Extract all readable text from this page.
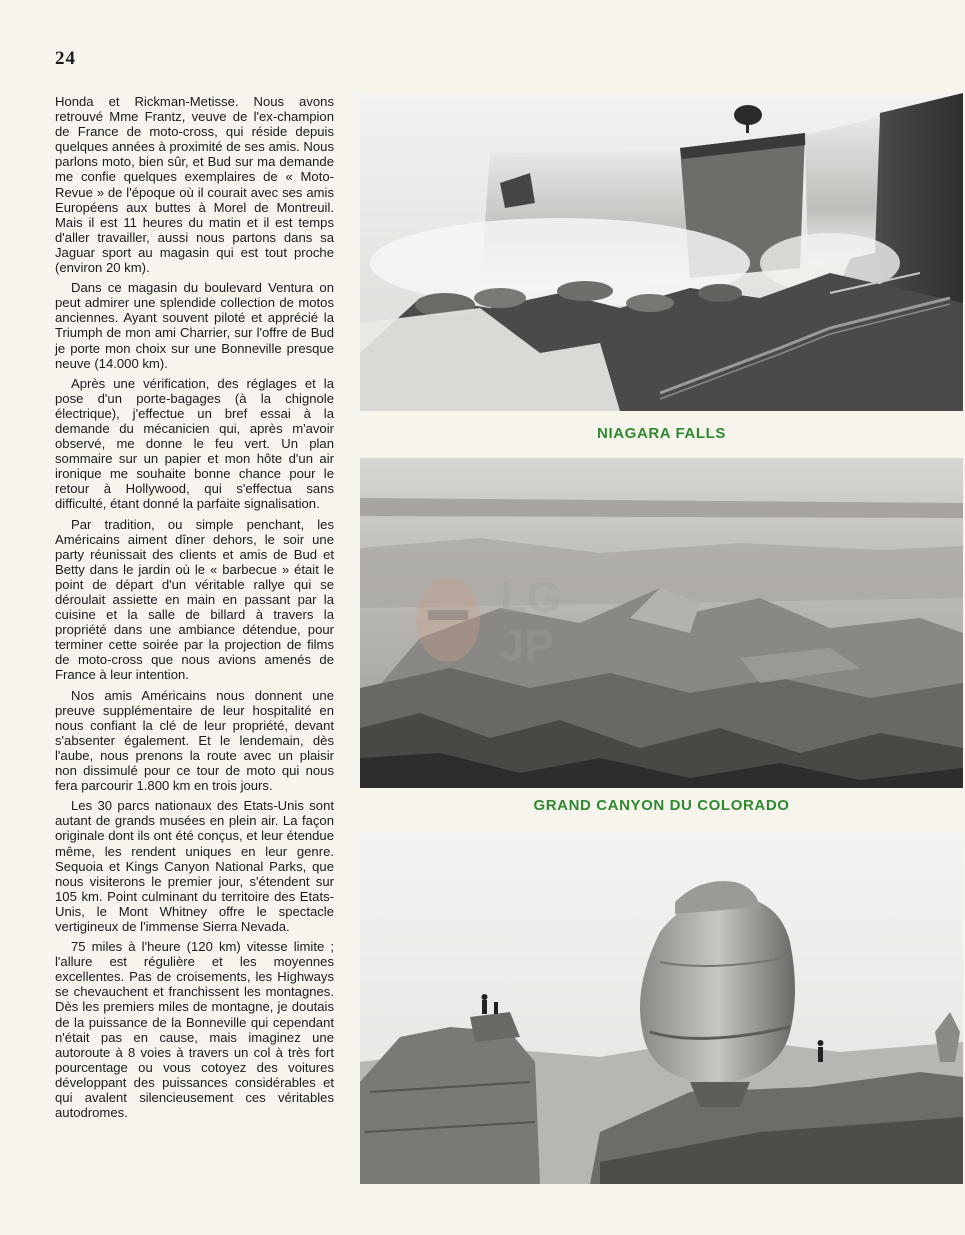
24

Honda et Rickman-Metisse. Nous avons retrouvé Mme Frantz, veuve de l'ex-champion de France de moto-cross, qui réside depuis quelques années à proximité de ses amis. Nous parlons moto, bien sûr, et Bud sur ma demande me confie quelques exemplaires de « Moto-Revue » de l'époque où il courait avec ses amis Européens aux buttes à Morel de Montreuil. Mais il est 11 heures du matin et il est temps d'aller travailler, aussi nous partons dans sa Jaguar sport au magasin qui est tout proche (environ 20 km).

Dans ce magasin du boulevard Ventura on peut admirer une splendide collection de motos anciennes. Ayant souvent piloté et apprécié la Triumph de mon ami Charrier, sur l'offre de Bud je porte mon choix sur une Bonneville presque neuve (14.000 km).

Après une vérification, des réglages et la pose d'un porte-bagages (à la chignole électrique), j'effectue un bref essai à la demande du mécanicien qui, après m'avoir observé, me donne le feu vert. Un plan sommaire sur un papier et mon hôte d'un air ironique me souhaite bonne chance pour le retour à Hollywood, qui s'effectua sans difficulté, étant donné la parfaite signalisation.

Par tradition, ou simple penchant, les Américains aiment dîner dehors, le soir une party réunissait des clients et amis de Bud et Betty dans le jardin où le « barbecue » était le point de départ d'un véritable rallye qui se déroulait assiette en main en passant par la cuisine et la salle de billard à travers la propriété dans une ambiance détendue, pour terminer cette soirée par la projection de films de moto-cross que nous avions amenés de France à leur intention.

Nos amis Américains nous donnent une preuve supplémentaire de leur hospitalité en nous confiant la clé de leur propriété, devant s'absenter également. Et le lendemain, dès l'aube, nous prenons la route avec un plaisir non dissimulé pour ce tour de moto qui nous fera parcourir 1.800 km en trois jours.

Les 30 parcs nationaux des Etats-Unis sont autant de grands musées en plein air. La façon originale dont ils ont été conçus, et leur étendue même, les rendent uniques en leur genre. Sequoia et Kings Canyon National Parks, que nous visiterons le premier jour, s'étendent sur 105 km. Point culminant du territoire des Etats-Unis, le Mont Whitney offre le spectacle vertigineux de l'immense Sierra Nevada.

75 miles à l'heure (120 km) vitesse limite ; l'allure est régulière et les moyennes excellentes. Pas de croisements, les Highways se chevauchent et franchissent les montagnes. Dès les premiers miles de montagne, je doutais de la puissance de la Bonneville qui cependant n'était pas en cause, mais imaginez une autoroute à 8 voies à travers un col à très fort pourcentage ou vous cotoyez des voitures développant des puissances considérables et qui avalent silencieusement ces véritables autodromes.

NIAGARA FALLS
GRAND CANYON DU COLORADO
LG
JP
